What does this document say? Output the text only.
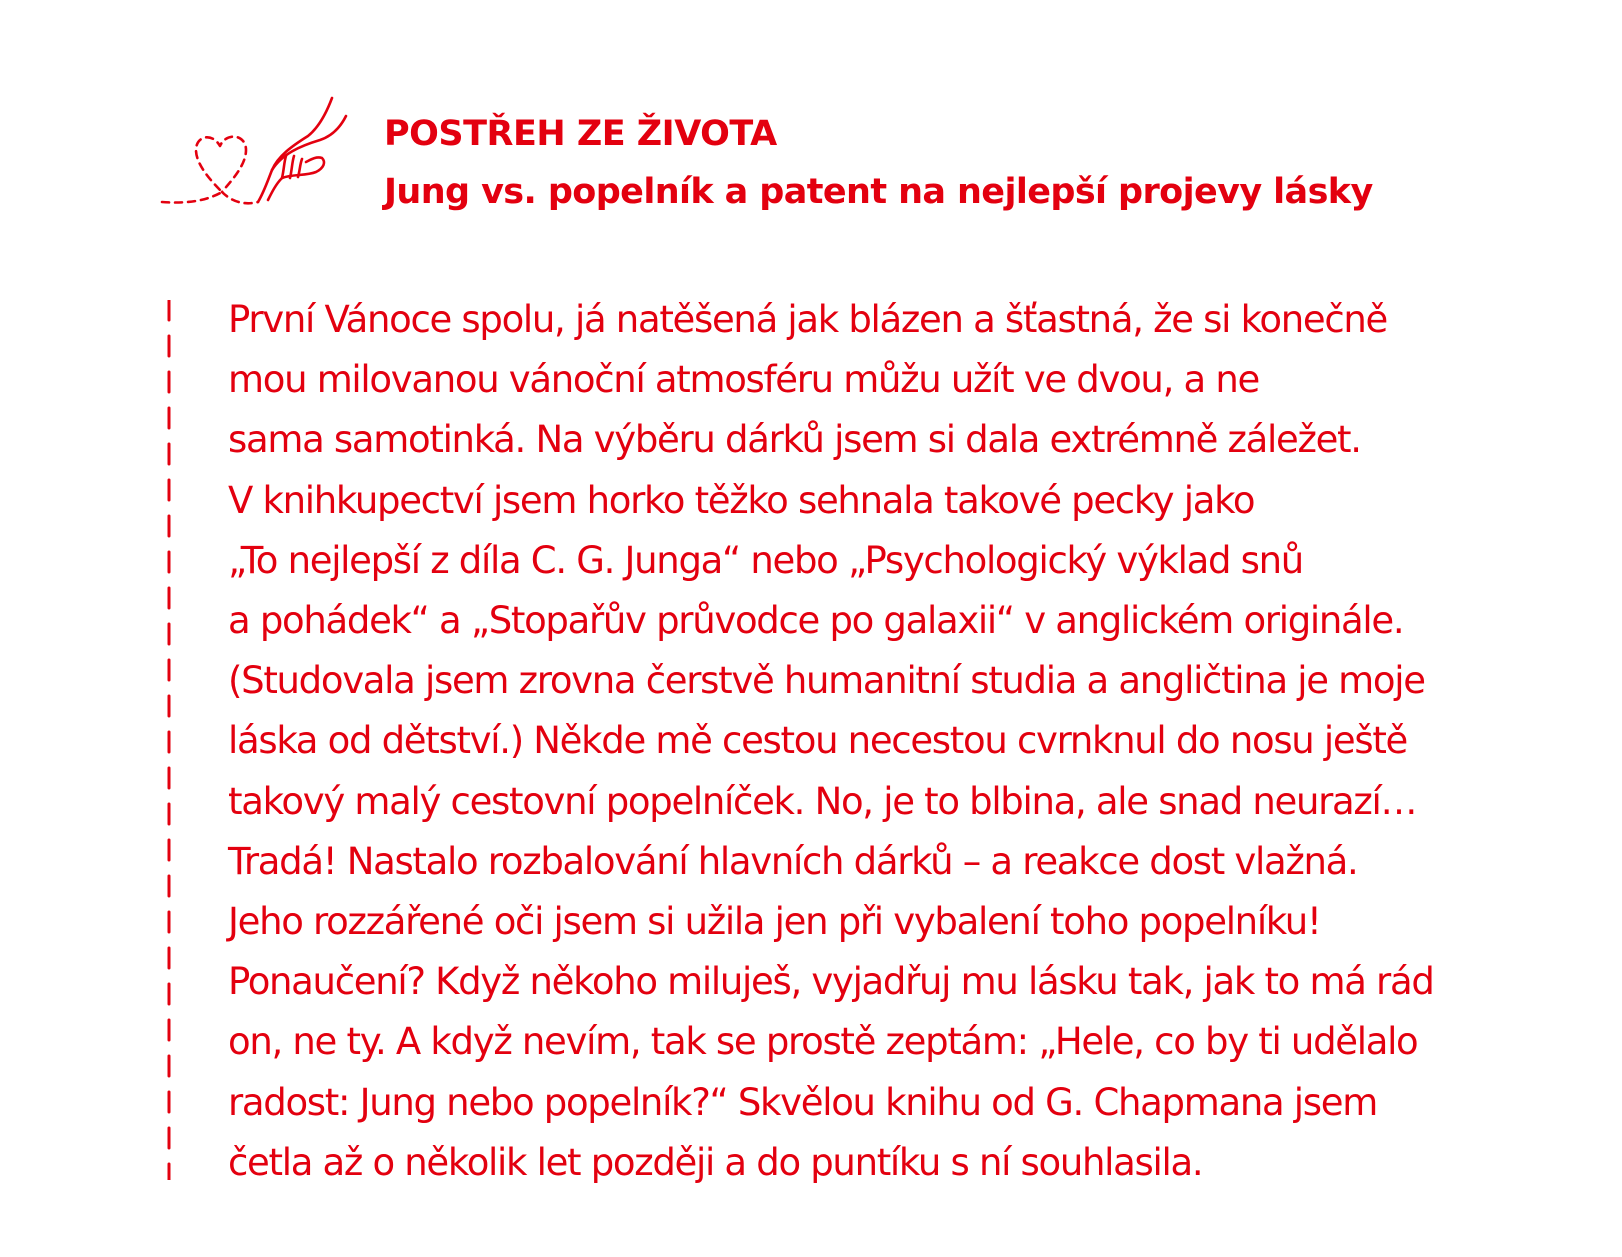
POSTŘEH ZE ŽIVOTA
Jung vs. popelník a patent na nejlepší projevy lásky
První Vánoce spolu, já natěšená jak blázen a šťastná, že si konečně
mou milovanou vánoční atmosféru můžu užít ve dvou, a ne
sama samotinká. Na výběru dárků jsem si dala extrémně záležet.
V knihkupectví jsem horko těžko sehnala takové pecky jako
„To nejlepší z díla C. G. Junga“ nebo „Psychologický výklad snů
a pohádek“ a „Stopařův průvodce po galaxii“ v anglickém originále.
(Studovala jsem zrovna čerstvě humanitní studia a angličtina je moje
láska od dětství.) Někde mě cestou necestou cvrnknul do nosu ještě
takový malý cestovní popelníček. No, je to blbina, ale snad neurazí…
Tradá! Nastalo rozbalování hlavních dárků – a reakce dost vlažná.
Jeho rozzářené oči jsem si užila jen při vybalení toho popelníku!
Ponaučení? Když někoho miluješ, vyjadřuj mu lásku tak, jak to má rád
on, ne ty. A když nevím, tak se prostě zeptám: „Hele, co by ti udělalo
radost: Jung nebo popelník?“ Skvělou knihu od G. Chapmana jsem
četla až o několik let později a do puntíku s ní souhlasila.
